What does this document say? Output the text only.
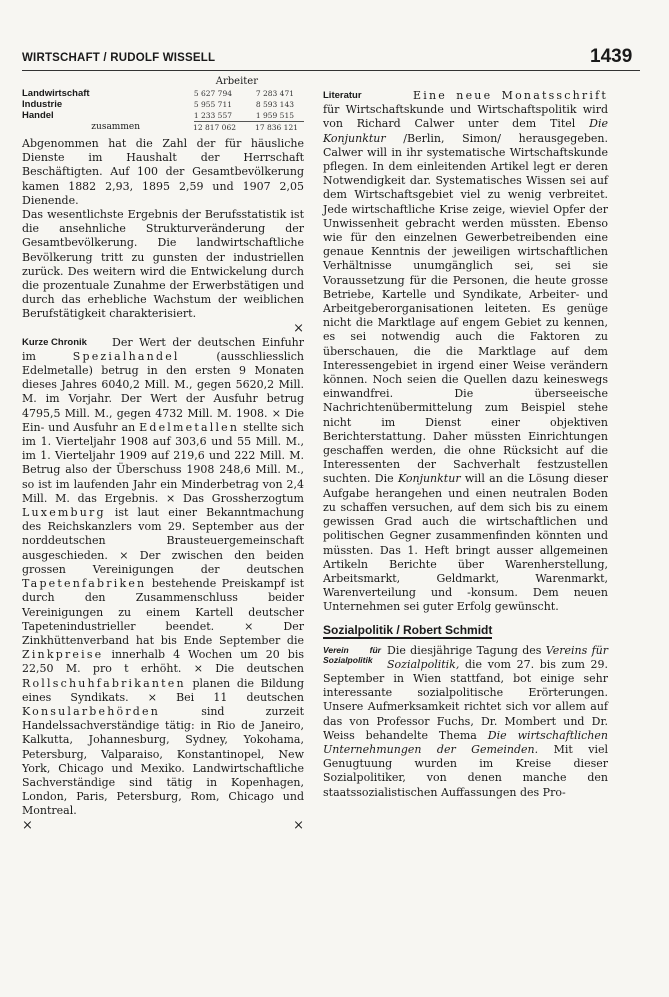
WIRTSCHAFT / RUDOLF WISSELL	1439
Arbeiter
Landwirtschaft	5 627 794	7 283 471
Industrie	5 955 711	8 593 143
Handel	1 233 557	1 959 515
zusammen	12 817 062	17 836 121

Abgenommen hat die Zahl der für häusliche Dienste im Haushalt der Herrschaft Beschäftigten. Auf 100 der Gesamtbevölkerung kamen 1882 2,93, 1895 2,59 und 1907 2,05 Dienende.

Das wesentlichste Ergebnis der Berufsstatistik ist die ansehnliche Strukturveränderung der Gesamtbevölkerung. Die landwirtschaftliche Bevölkerung tritt zu gunsten der industriellen zurück. Des weitern wird die Entwickelung durch die prozentuale Zunahme der Erwerbstätigen und durch das erhebliche Wachstum der weiblichen Berufstätigkeit charakterisiert.

×

Kurze Chronik	Der Wert der deutschen Einfuhr im	Spezialhandel	(ausschliesslich Edelmetalle) betrug in den ersten 9 Monaten dieses Jahres 6040,2 Mill. M., gegen 5620,2 Mill. M. im Vorjahr. Der Wert der Ausfuhr betrug 4795,5 Mill. M., gegen 4732 Mill. M. 1908. × Die Ein- und Ausfuhr an Edelmetallen stellte sich im 1. Vierteljahr 1908 auf 303,6 und 55 Mill. M., im 1. Vierteljahr 1909 auf 219,6 und 222 Mill. M. Betrug also der Überschuss 1908 248,6 Mill. M., so ist im laufenden Jahr ein Minderbetrag von 2,4 Mill. M. das Ergebnis. × Das Grossherzogtum Luxemburg ist laut einer Bekanntmachung des Reichskanzlers vom 29. September aus der norddeutschen Brausteuergemeinschaft ausgeschieden. × Der zwischen den beiden grossen Vereinigungen der deutschen Tapetenfabriken bestehende Preiskampf ist durch den Zusammenschluss beider Vereinigungen zu einem Kartell deutscher Tapetenindustrieller beendet. × Der Zinkhüttenverband hat bis Ende September die Zinkpreise innerhalb 4 Wochen um 20 bis 22,50 M. pro t erhöht. × Die deutschen Rollschuhfabrikanten planen die Bildung eines Syndikats. × Bei 11 deutschen Konsularbehörden	sind zurzeit Handelssachverständige tätig: in Rio de Janeiro, Kalkutta, Johannesburg, Sydney, Yokohama, Petersburg, Valparaiso, Konstantinopel, New York, Chicago und Mexiko. Landwirtschaftliche Sachverständige sind tätig in Kopenhagen, London, Paris, Petersburg, Rom, Chicago und Montreal.

×	×

Literatur	Eine neue Monatsschrift für Wirtschaftskunde und Wirtschaftspolitik wird von Richard Calwer unter dem Titel Die Konjunktur /Berlin, Simon/ herausgegeben. Calwer will in ihr systematische Wirtschaftskunde pflegen. In dem einleitenden Artikel legt er deren Notwendigkeit dar. Systematisches Wissen sei auf dem Wirtschaftsgebiet viel zu wenig verbreitet. Jede wirtschaftliche Krise zeige, wieviel Opfer der Unwissenheit gebracht werden müssten. Ebenso wie für den einzelnen Gewerbetreibenden eine genaue Kenntnis der jeweiligen wirtschaftlichen Verhältnisse unumgänglich sei, sei sie Voraussetzung für die Personen, die heute grosse Betriebe, Kartelle und Syndikate, Arbeiter- und Arbeitgeberorganisationen leiteten. Es genüge nicht die Marktlage auf engem Gebiet zu kennen, es sei notwendig auch die Faktoren zu überschauen, die die Marktlage auf dem Interessengebiet in irgend einer Weise verändern können. Noch seien die Quellen dazu keineswegs einwandfrei. Die überseeische Nachrichtenübermittelung zum Beispiel stehe nicht im Dienst einer objektiven Berichterstattung. Daher müssten Einrichtungen geschaffen werden, die ohne Rücksicht auf die Interessenten der Sachverhalt festzustellen suchten. Die Konjunktur will an die Lösung dieser Aufgabe herangehen und einen neutralen Boden zu schaffen versuchen, auf dem sich bis zu einem gewissen Grad auch die wirtschaftlichen und politischen Gegner zusammenfinden könnten und müssten. Das 1. Heft bringt ausser allgemeinen Artikeln Berichte über Warenherstellung, Arbeitsmarkt, Geldmarkt, Warenmarkt, Warenverteilung und -konsum. Dem neuen Unternehmen sei guter Erfolg gewünscht.

Sozialpolitik / Robert Schmidt

Verein für Sozialpolitik
Die diesjährige Tagung des Vereins für Sozialpolitik, die vom 27. bis zum 29. September in Wien stattfand, bot einige sehr interessante sozialpolitische Erörterungen. Unsere Aufmerksamkeit richtet sich vor allem auf das von Professor Fuchs, Dr. Mombert und Dr. Weiss behandelte Thema Die wirtschaftlichen Unternehmungen der Gemeinden. Mit viel Genugtuung wurden im Kreise dieser Sozialpolitiker, von denen manche den staatssozialistischen Auffassungen des Pro-
